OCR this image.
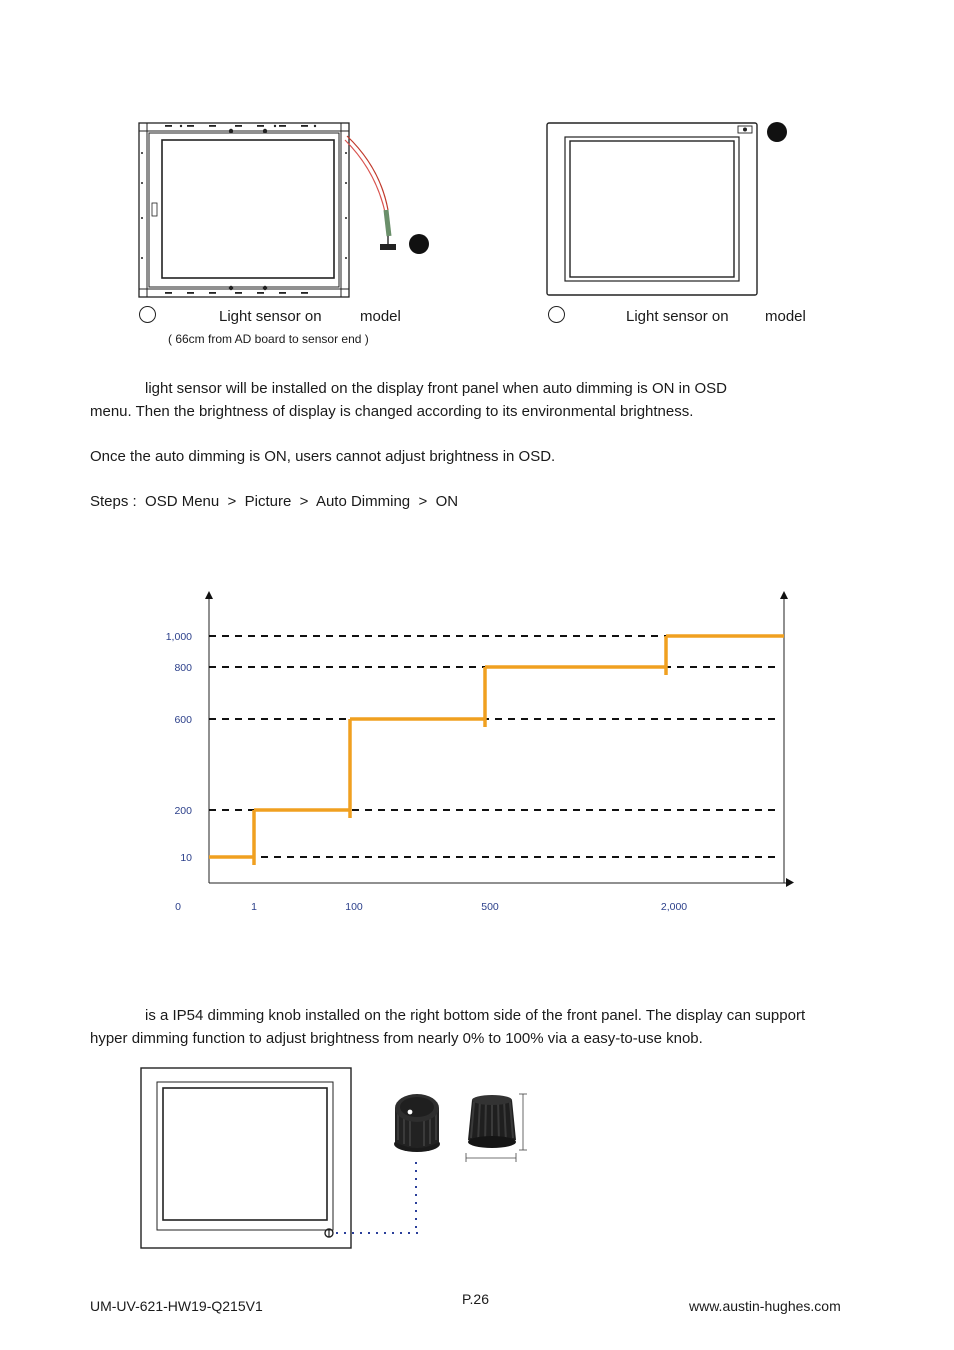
Light sensor on	model
( 66cm from AD board to sensor end )
Light sensor on model
light sensor will be installed on the display front panel when auto dimming is ON in OSD
menu. Then the brightness of display is changed according to its environmental brightness.
Once the auto dimming is ON, users cannot adjust brightness in OSD.
Steps :  OSD Menu  >  Picture  >  Auto Dimming  >  ON
10
200
600
800
1,000
0	1	100	500	2,000
is a IP54 dimming knob installed on the right bottom side of the front panel. The display can support
hyper dimming function to adjust brightness from nearly 0% to 100% via a easy-to-use knob.
UM-UV-621-HW19-Q215V1	P.26	www.austin-hughes.com
